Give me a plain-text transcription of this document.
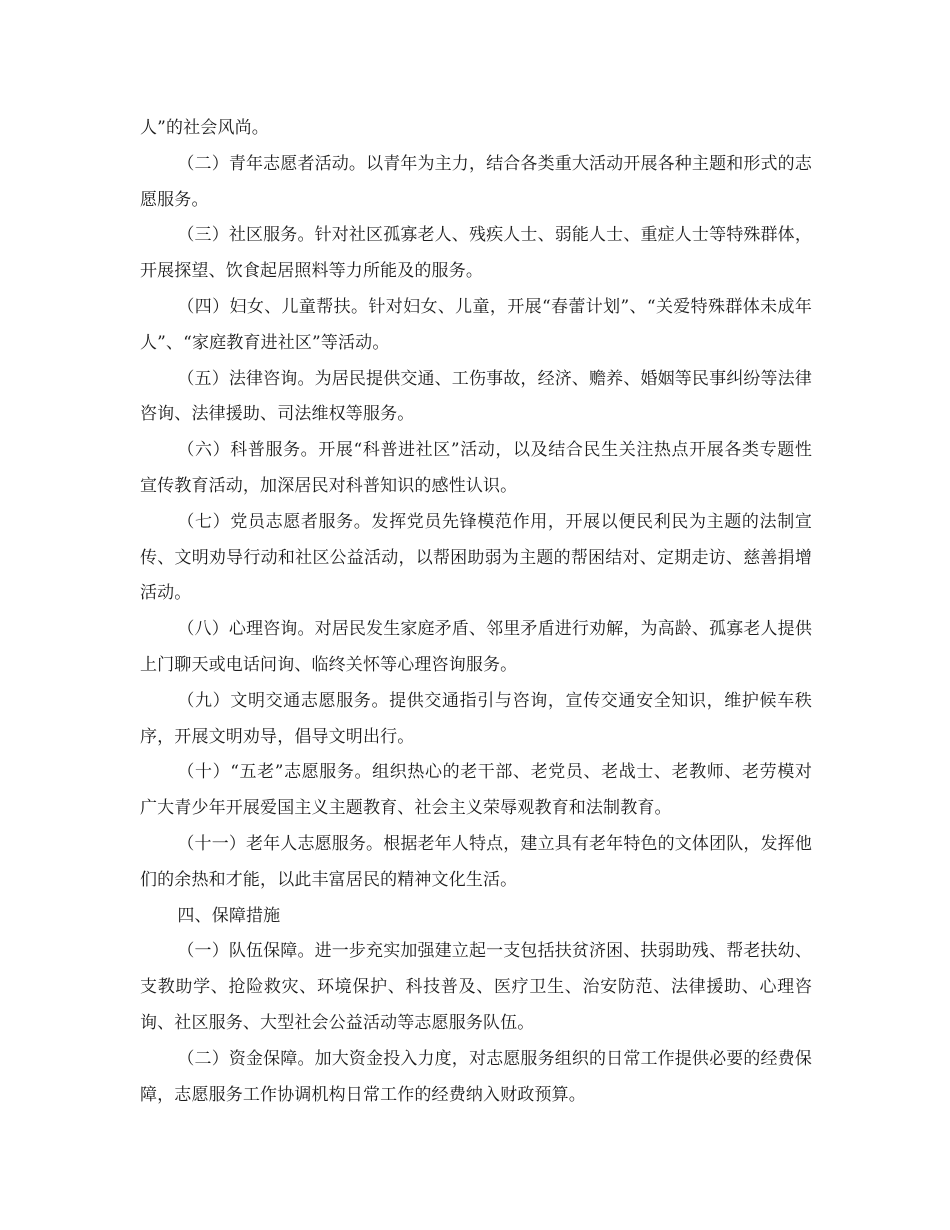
人”的社会风尚。

（二）青年志愿者活动。以青年为主力，结合各类重大活动开展各种主题和形式的志愿服务。

（三）社区服务。针对社区孤寡老人、残疾人士、弱能人士、重症人士等特殊群体，开展探望、饮食起居照料等力所能及的服务。

（四）妇女、儿童帮扶。针对妇女、儿童，开展“春蕾计划”、“关爱特殊群体未成年人”、“家庭教育进社区”等活动。

（五）法律咨询。为居民提供交通、工伤事故，经济、赡养、婚姻等民事纠纷等法律咨询、法律援助、司法维权等服务。

（六）科普服务。开展“科普进社区”活动，以及结合民生关注热点开展各类专题性宣传教育活动，加深居民对科普知识的感性认识。

（七）党员志愿者服务。发挥党员先锋模范作用，开展以便民利民为主题的法制宣传、文明劝导行动和社区公益活动，以帮困助弱为主题的帮困结对、定期走访、慈善捐增活动。

（八）心理咨询。对居民发生家庭矛盾、邻里矛盾进行劝解，为高龄、孤寡老人提供上门聊天或电话问询、临终关怀等心理咨询服务。

（九）文明交通志愿服务。提供交通指引与咨询，宣传交通安全知识，维护候车秩序，开展文明劝导，倡导文明出行。

（十）“五老”志愿服务。组织热心的老干部、老党员、老战士、老教师、老劳模对广大青少年开展爱国主义主题教育、社会主义荣辱观教育和法制教育。

（十一）老年人志愿服务。根据老年人特点，建立具有老年特色的文体团队，发挥他们的余热和才能，以此丰富居民的精神文化生活。

四、保障措施

（一）队伍保障。进一步充实加强建立起一支包括扶贫济困、扶弱助残、帮老扶幼、支教助学、抢险救灾、环境保护、科技普及、医疗卫生、治安防范、法律援助、心理咨询、社区服务、大型社会公益活动等志愿服务队伍。

（二）资金保障。加大资金投入力度，对志愿服务组织的日常工作提供必要的经费保障，志愿服务工作协调机构日常工作的经费纳入财政预算。
